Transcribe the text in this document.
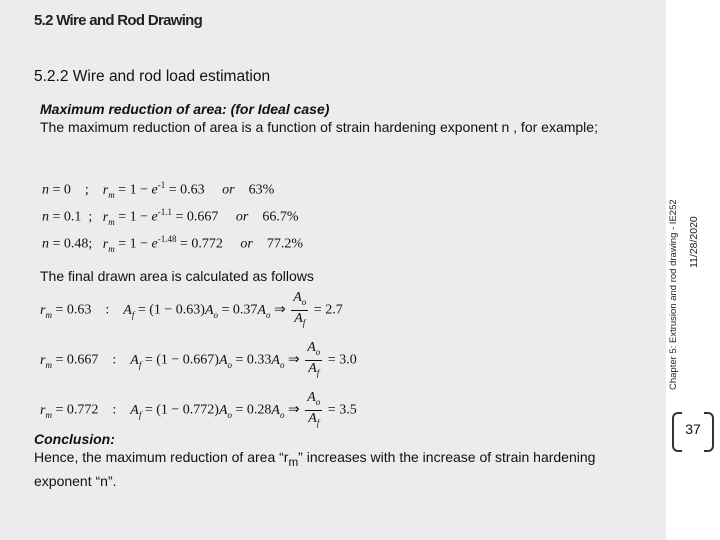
Chapter 5: Extrusion and rod drawing - IE252 11/28/2020
37
5.2 Wire and Rod Drawing
5.2.2 Wire and rod load estimation
Maximum reduction of area: (for Ideal case)
The maximum reduction of area is a function of strain hardening exponent n , for example;
n = 0    ;    $r_m = 1 - e^{-1} = 0.63$ or 63%
n = 0.1  ;   $r_m = 1 - e^{-1.1} = 0.667$ or 66.7%
n = 0.48;   $r_m = 1 - e^{-1.48} = 0.772$ or 77.2%
The final drawn area is calculated as follows
$r_m = 0.63$    :    $A_f = (1 - 0.63)A_o = 0.37A_o$ ⇒ $\frac{A_o}{A_f} = 2.7$
$r_m = 0.667$    :    $A_f = (1 - 0.667)A_o = 0.33A_o$ ⇒ $\frac{A_o}{A_f} = 3.0$
$r_m = 0.772$    :    $A_f = (1 - 0.772)A_o = 0.28A_o$ ⇒ $\frac{A_o}{A_f} = 3.5$
Conclusion:
Hence, the maximum reduction of area “$r_m$” increases with the increase of strain hardening exponent “n”.
